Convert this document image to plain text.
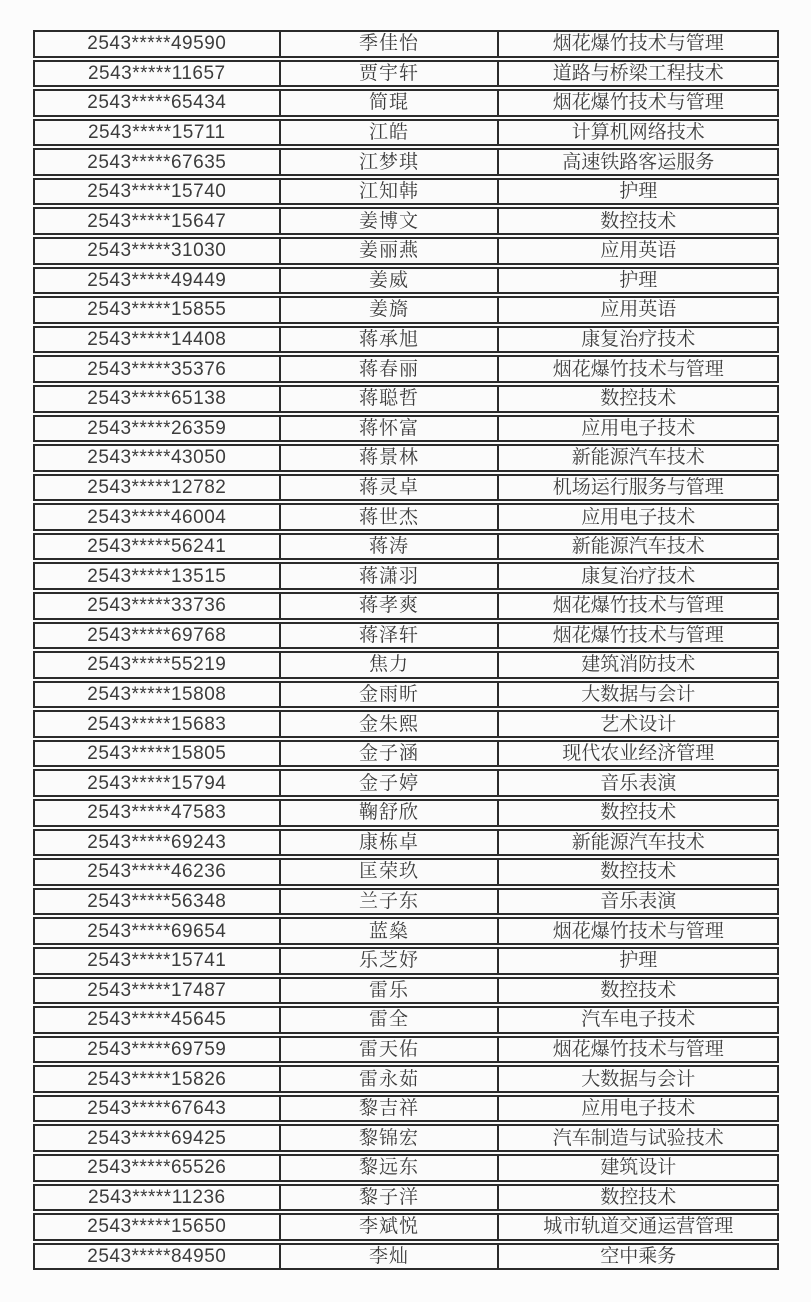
2543*****49590	季佳怡	烟花爆竹技术与管理
2543*****11657	贾宇轩	道路与桥梁工程技术
2543*****65434	简琨	烟花爆竹技术与管理
2543*****15711	江皓	计算机网络技术
2543*****67635	江梦琪	高速铁路客运服务
2543*****15740	江知韩	护理
2543*****15647	姜博文	数控技术
2543*****31030	姜丽燕	应用英语
2543*****49449	姜威	护理
2543*****15855	姜旖	应用英语
2543*****14408	蒋承旭	康复治疗技术
2543*****35376	蒋春丽	烟花爆竹技术与管理
2543*****65138	蒋聪哲	数控技术
2543*****26359	蒋怀富	应用电子技术
2543*****43050	蒋景林	新能源汽车技术
2543*****12782	蒋灵卓	机场运行服务与管理
2543*****46004	蒋世杰	应用电子技术
2543*****56241	蒋涛	新能源汽车技术
2543*****13515	蒋潇羽	康复治疗技术
2543*****33736	蒋孝爽	烟花爆竹技术与管理
2543*****69768	蒋泽轩	烟花爆竹技术与管理
2543*****55219	焦力	建筑消防技术
2543*****15808	金雨昕	大数据与会计
2543*****15683	金朱熙	艺术设计
2543*****15805	金子涵	现代农业经济管理
2543*****15794	金子婷	音乐表演
2543*****47583	鞠舒欣	数控技术
2543*****69243	康栋卓	新能源汽车技术
2543*****46236	匡荣玖	数控技术
2543*****56348	兰子东	音乐表演
2543*****69654	蓝燊	烟花爆竹技术与管理
2543*****15741	乐芝妤	护理
2543*****17487	雷乐	数控技术
2543*****45645	雷全	汽车电子技术
2543*****69759	雷天佑	烟花爆竹技术与管理
2543*****15826	雷永茹	大数据与会计
2543*****67643	黎吉祥	应用电子技术
2543*****69425	黎锦宏	汽车制造与试验技术
2543*****65526	黎远东	建筑设计
2543*****11236	黎子洋	数控技术
2543*****15650	李斌悦	城市轨道交通运营管理
2543*****84950	李灿	空中乘务
